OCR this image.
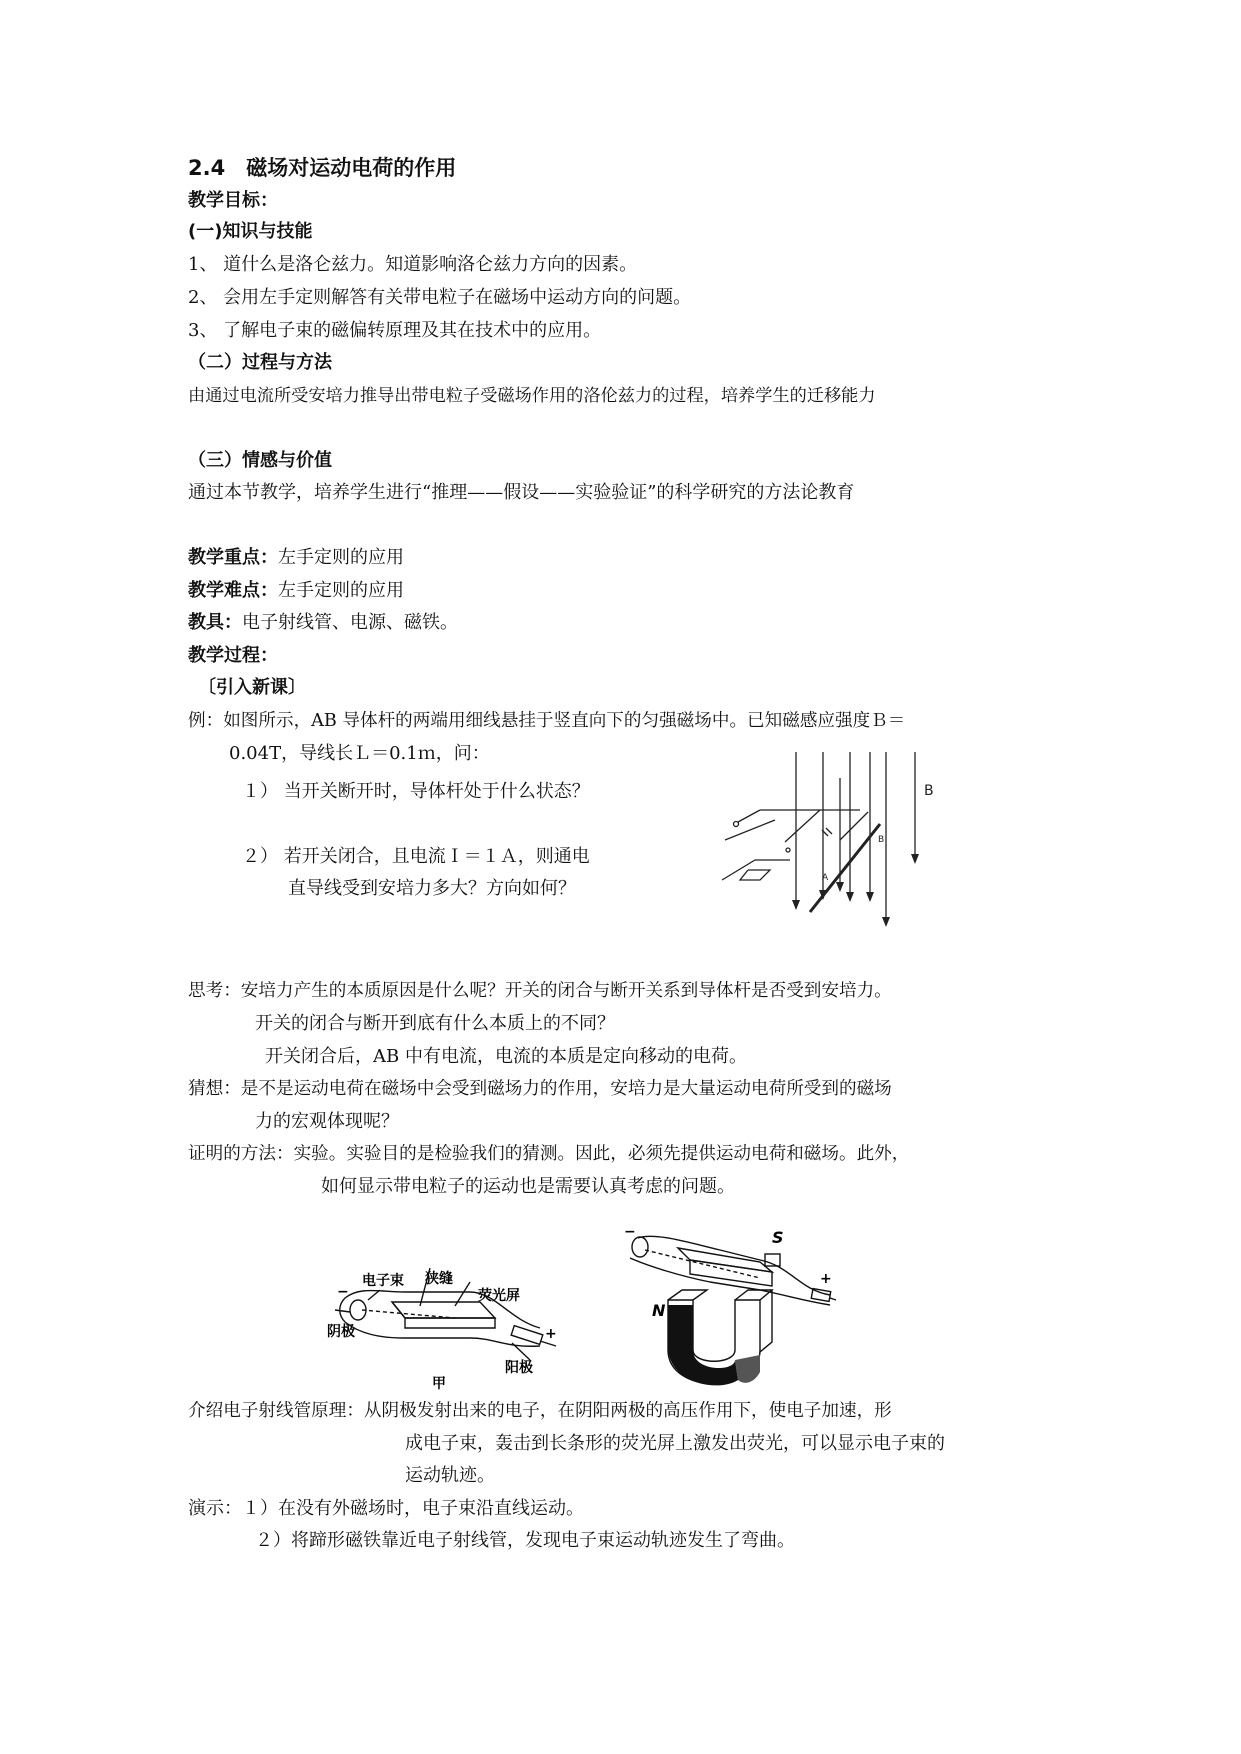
2.4　磁场对运动电荷的作用
教学目标：
(一)知识与技能
1、 道什么是洛仑兹力。知道影响洛仑兹力方向的因素。
2、 会用左手定则解答有关带电粒子在磁场中运动方向的问题。
3、 了解电子束的磁偏转原理及其在技术中的应用。
（二）过程与方法
由通过电流所受安培力推导出带电粒子受磁场作用的洛伦兹力的过程，培养学生的迁移能力
（三）情感与价值
通过本节教学，培养学生进行“推理——假设——实验验证”的科学研究的方法论教育
教学重点：左手定则的应用
教学难点：左手定则的应用
教具：电子射线管、电源、磁铁。
教学过程：
〔引入新课〕
例：如图所示，AB 导体杆的两端用细线悬挂于竖直向下的匀强磁场中。已知磁感应强度Ｂ＝
0.04T，导线长Ｌ＝0.1ｍ，问：
１） 当开关断开时，导体杆处于什么状态？
２） 若开关闭合，且电流Ｉ＝１Ａ，则通电
直导线受到安培力多大？方向如何？
B
B
A
思考：安培力产生的本质原因是什么呢？开关的闭合与断开关系到导体杆是否受到安培力。
开关的闭合与断开到底有什么本质上的不同？
开关闭合后，AB 中有电流，电流的本质是定向移动的电荷。
猜想：是不是运动电荷在磁场中会受到磁场力的作用，安培力是大量运动电荷所受到的磁场
力的宏观体现呢？
证明的方法：实验。实验目的是检验我们的猜测。因此，必须先提供运动电荷和磁场。此外，
如何显示带电粒子的运动也是需要认真考虑的问题。
−
电子束 狭缝
荧光屏
阴极	+
阳极
甲
−	S
+
N
介绍电子射线管原理：从阴极发射出来的电子，在阴阳两极的高压作用下，使电子加速，形
成电子束，轰击到长条形的荧光屏上激发出荧光，可以显示电子束的
运动轨迹。
演示：１）在没有外磁场时，电子束沿直线运动。
２）将蹄形磁铁靠近电子射线管，发现电子束运动轨迹发生了弯曲。
